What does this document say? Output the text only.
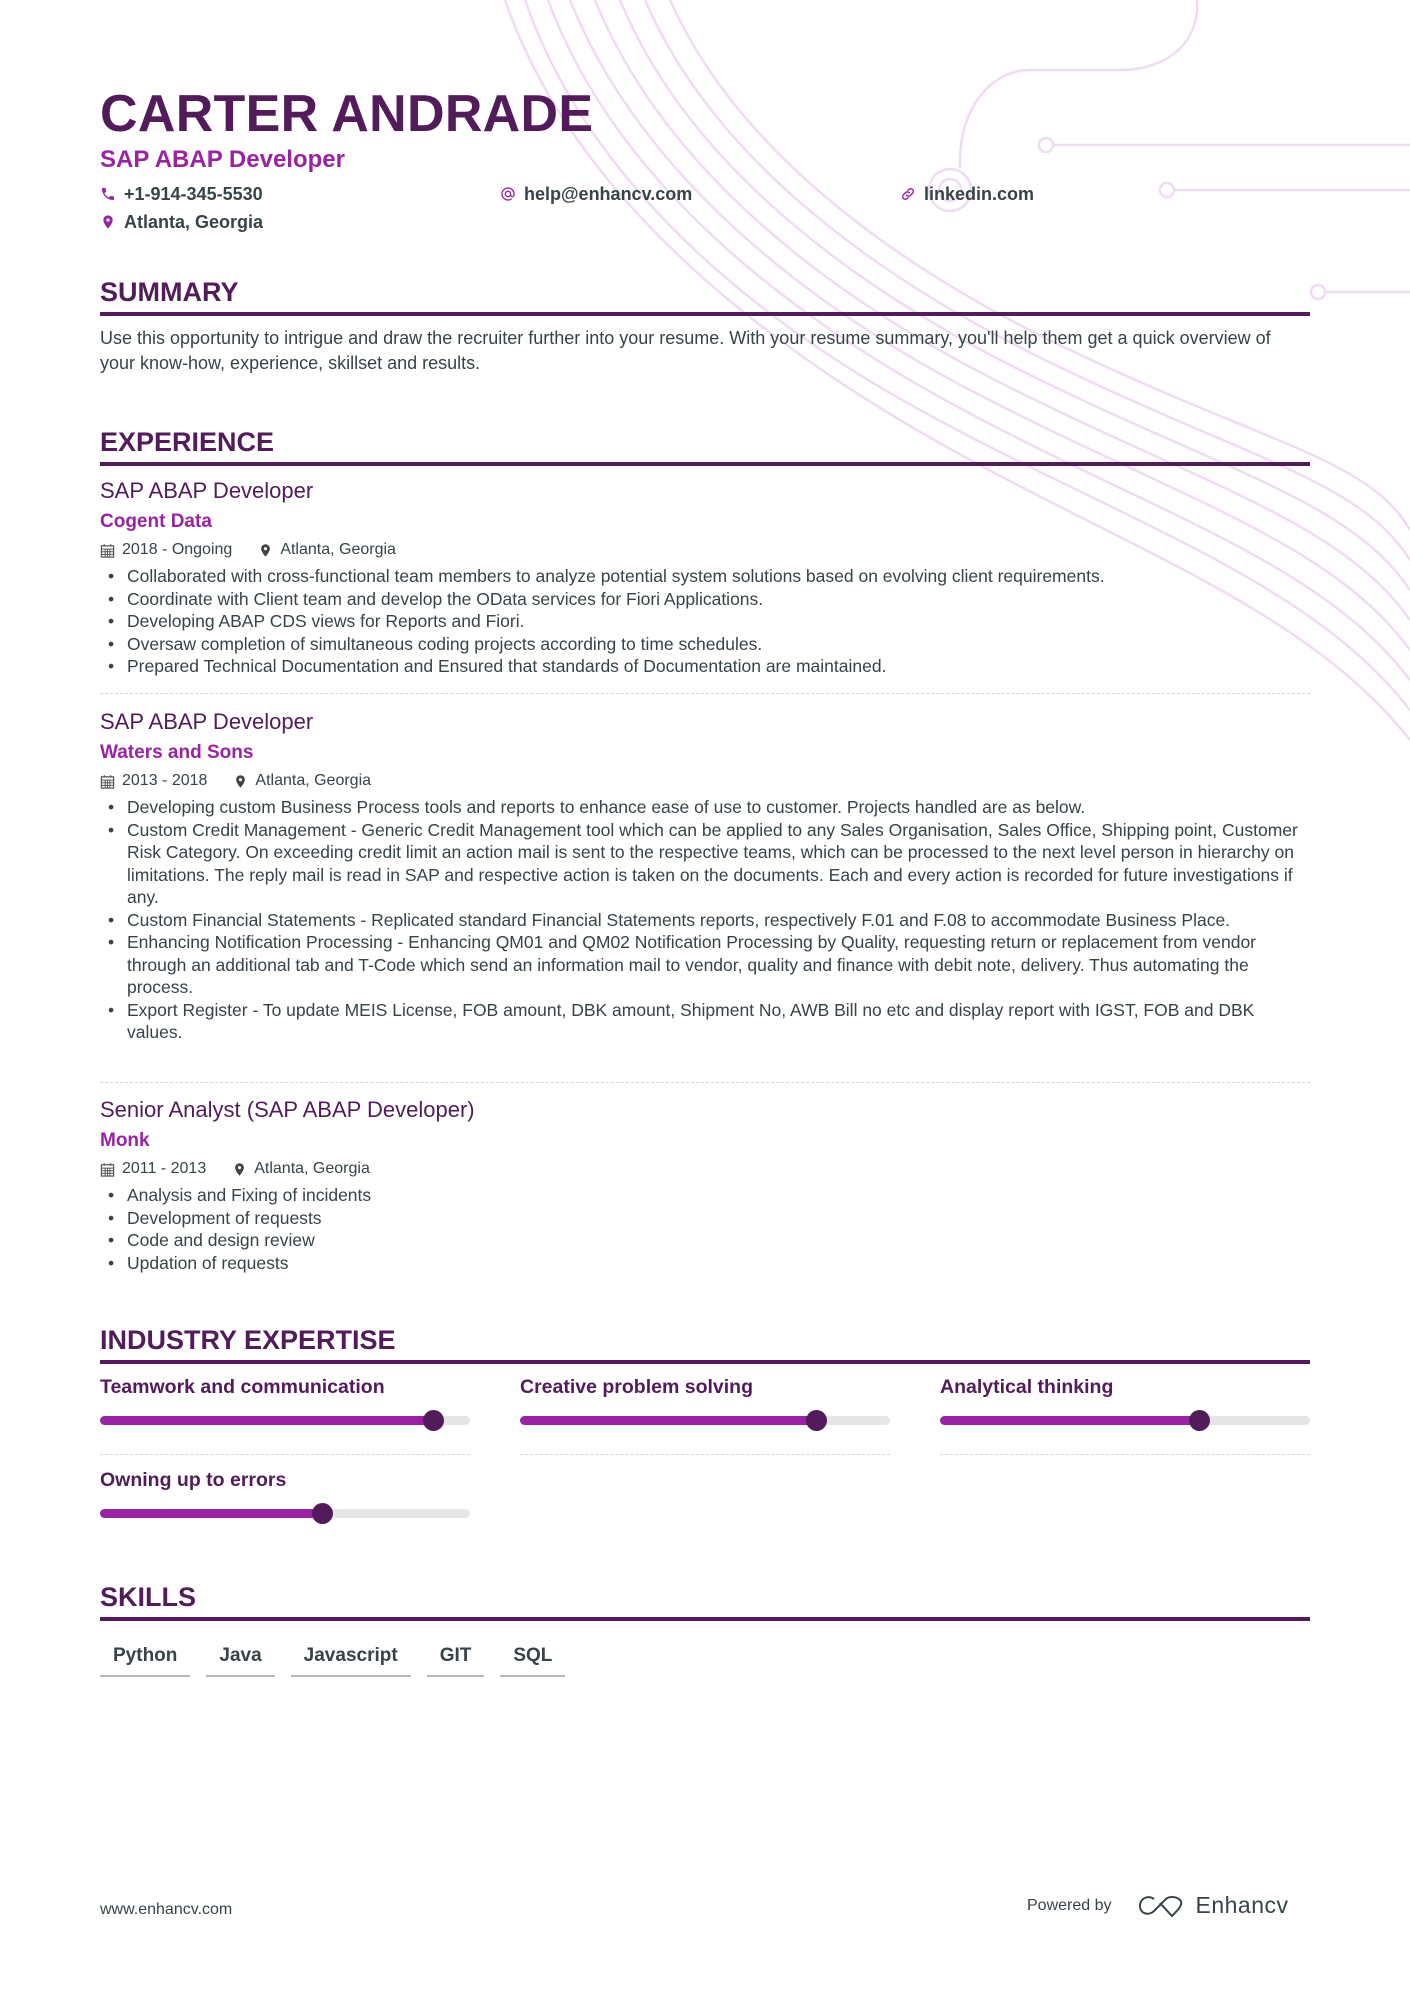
CARTER ANDRADE
SAP ABAP Developer
+1-914-345-5530	help@enhancv.com	linkedin.com
Atlanta, Georgia
SUMMARY

Use this opportunity to intrigue and draw the recruiter further into your resume. With your resume summary, you'll help them get a quick overview of your know-how, experience, skillset and results.

EXPERIENCE
SAP ABAP Developer
Cogent Data
2018 - Ongoing	Atlanta, Georgia
• Collaborated with cross-functional team members to analyze potential system solutions based on evolving client requirements.
• Coordinate with Client team and develop the OData services for Fiori Applications.
• Developing ABAP CDS views for Reports and Fiori.
• Oversaw completion of simultaneous coding projects according to time schedules.
• Prepared Technical Documentation and Ensured that standards of Documentation are maintained.
SAP ABAP Developer
Waters and Sons
2013 - 2018	Atlanta, Georgia
• Developing custom Business Process tools and reports to enhance ease of use to customer. Projects handled are as below.
• Custom Credit Management - Generic Credit Management tool which can be applied to any Sales Organisation, Sales Office, Shipping point, Customer Risk Category. On exceeding credit limit an action mail is sent to the respective teams, which can be processed to the next level person in hierarchy on limitations. The reply mail is read in SAP and respective action is taken on the documents. Each and every action is recorded for future investigations if any.
• Custom Financial Statements - Replicated standard Financial Statements reports, respectively F.01 and F.08 to accommodate Business Place.
• Enhancing Notification Processing - Enhancing QM01 and QM02 Notification Processing by Quality, requesting return or replacement from vendor through an additional tab and T-Code which send an information mail to vendor, quality and finance with debit note, delivery. Thus automating the process.
• Export Register - To update MEIS License, FOB amount, DBK amount, Shipment No, AWB Bill no etc and display report with IGST, FOB and DBK values.
Senior Analyst (SAP ABAP Developer)
Monk
2011 - 2013	Atlanta, Georgia
• Analysis and Fixing of incidents
• Development of requests
• Code and design review
• Updation of requests
INDUSTRY EXPERTISE
Teamwork and communication	Creative problem solving	Analytical thinking
Owning up to errors
SKILLS
Python	Java	Javascript	GIT	SQL
www.enhancv.com	Powered by	Enhancv
